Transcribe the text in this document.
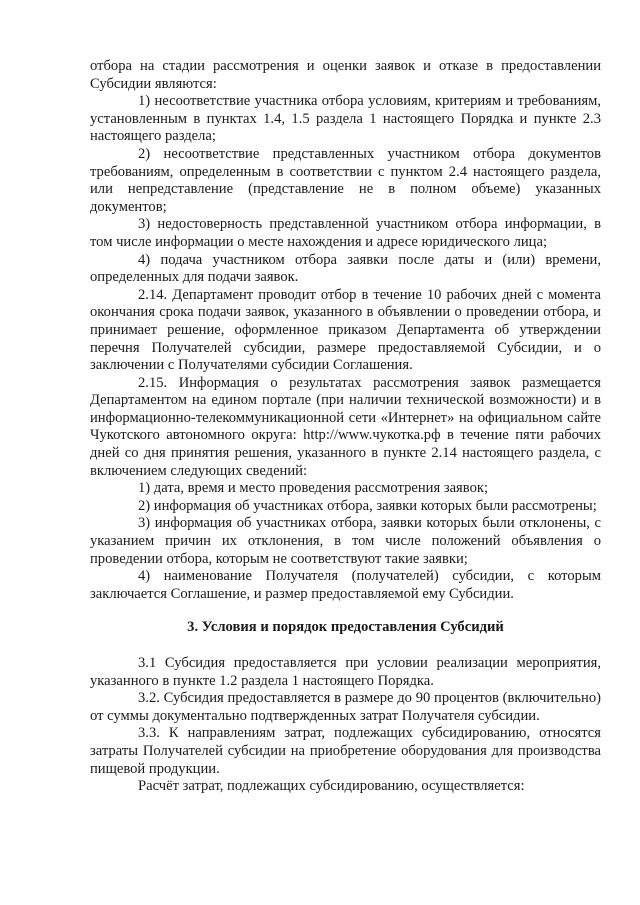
отбора на стадии рассмотрения и оценки заявок и отказе в предоставлении Субсидии являются:

1) несоответствие участника отбора условиям, критериям и требованиям, установленным в пунктах 1.4, 1.5 раздела 1 настоящего Порядка и пункте 2.3 настоящего раздела;

2) несоответствие представленных участником отбора документов требованиям, определенным в соответствии с пунктом 2.4 настоящего раздела, или непредставление (представление не в полном объеме) указанных документов;

3) недостоверность представленной участником отбора информации, в том числе информации о месте нахождения и адресе юридического лица;

4) подача участником отбора заявки после даты и (или) времени, определенных для подачи заявок.

2.14. Департамент проводит отбор в течение 10 рабочих дней с момента окончания срока подачи заявок, указанного в объявлении о проведении отбора, и принимает решение, оформленное приказом Департамента об утверждении перечня Получателей субсидии, размере предоставляемой Субсидии, и о заключении с Получателями субсидии Соглашения.

2.15. Информация о результатах рассмотрения заявок размещается Департаментом на едином портале (при наличии технической возможности) и в информационно-телекоммуникационной сети «Интернет» на официальном сайте Чукотского автономного округа: http://www.чукотка.рф в течение пяти рабочих дней со дня принятия решения, указанного в пункте 2.14 настоящего раздела, с включением следующих сведений:

1) дата, время и место проведения рассмотрения заявок;

2) информация об участниках отбора, заявки которых были рассмотрены;

3) информация об участниках отбора, заявки которых были отклонены, с указанием причин их отклонения, в том числе положений объявления о проведении отбора, которым не соответствуют такие заявки;

4) наименование Получателя (получателей) субсидии, с которым заключается Соглашение, и размер предоставляемой ему Субсидии.

3. Условия и порядок предоставления Субсидий

3.1 Субсидия предоставляется при условии реализации мероприятия, указанного в пункте 1.2 раздела 1 настоящего Порядка.

3.2. Субсидия предоставляется в размере до 90 процентов (включительно) от суммы документально подтвержденных затрат Получателя субсидии.

3.3. К направлениям затрат, подлежащих субсидированию, относятся затраты Получателей субсидии на приобретение оборудования для производства пищевой продукции.

Расчёт затрат, подлежащих субсидированию, осуществляется:
